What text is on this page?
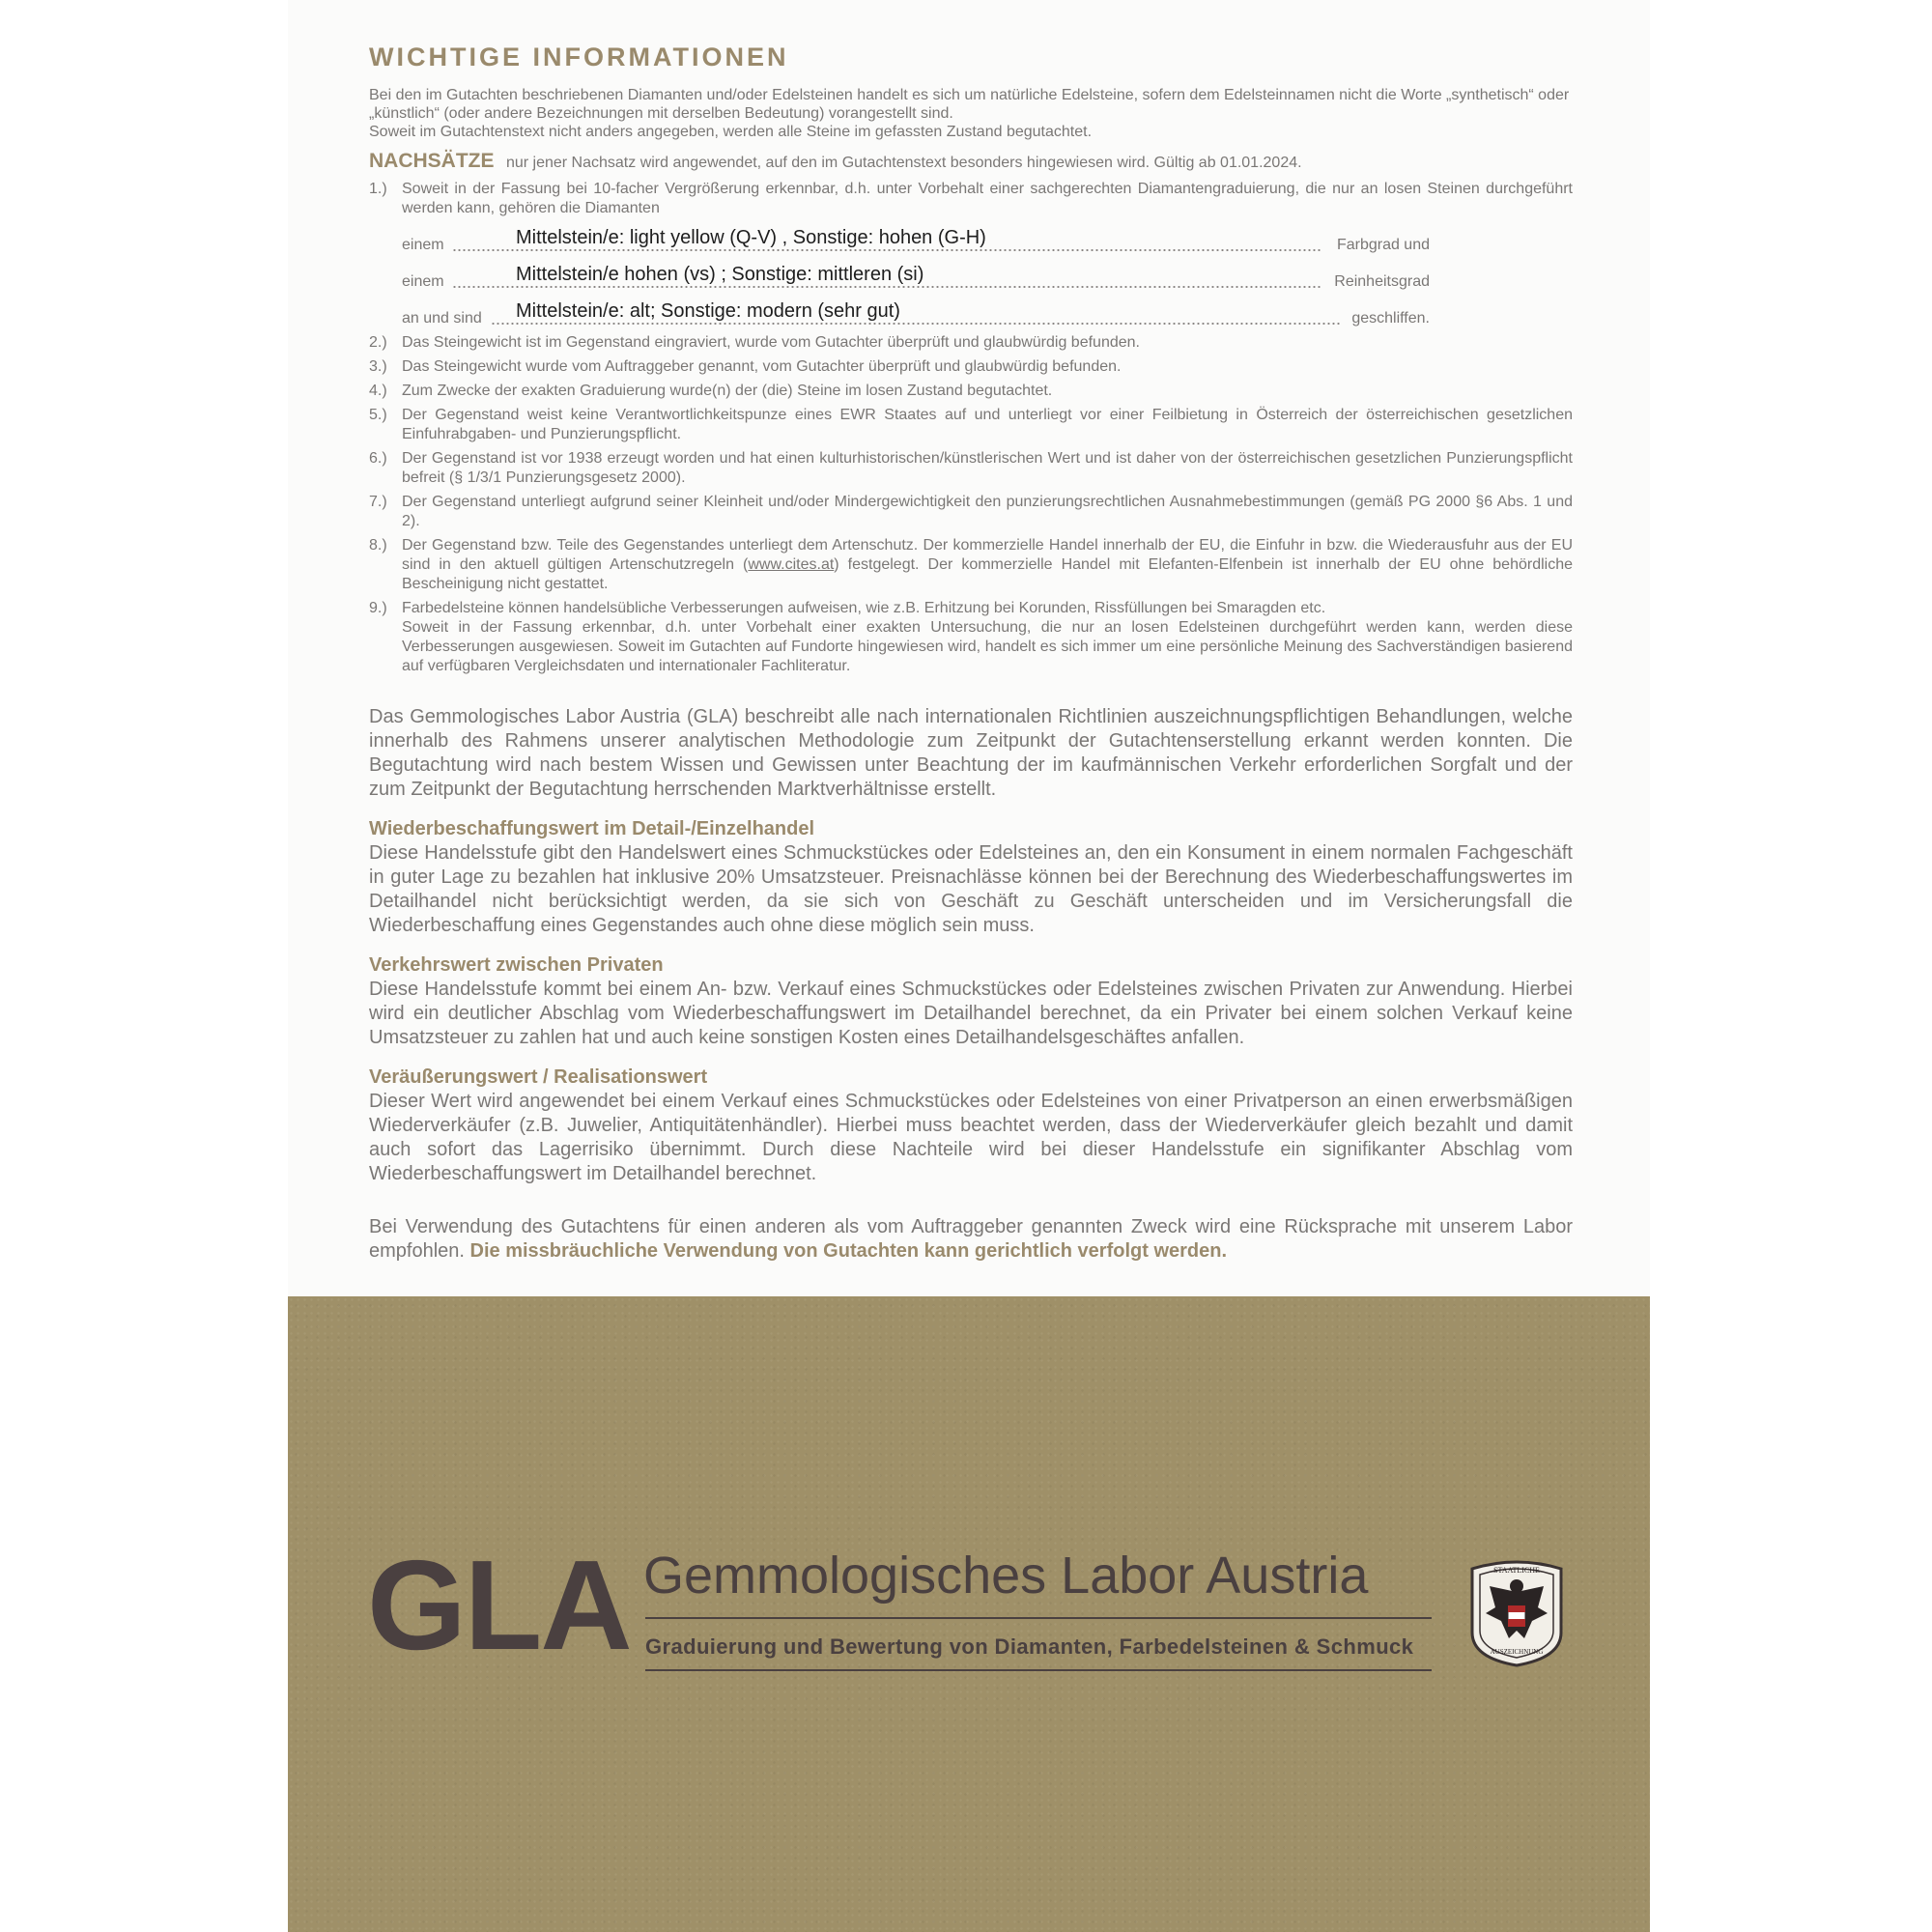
WICHTIGE INFORMATIONEN

Bei den im Gutachten beschriebenen Diamanten und/oder Edelsteinen handelt es sich um natürliche Edelsteine, sofern dem Edelsteinnamen nicht die Worte „synthetisch“ oder „künstlich“ (oder andere Bezeichnungen mit derselben Bedeutung) vorangestellt sind.

Soweit im Gutachtenstext nicht anders angegeben, werden alle Steine im gefassten Zustand begutachtet.

NACHSÄTZE nur jener Nachsatz wird angewendet, auf den im Gutachtenstext besonders hingewiesen wird. Gültig ab 01.01.2024.
1.) Soweit in der Fassung bei 10-facher Vergrößerung erkennbar, d.h. unter Vorbehalt einer sachgerechten Diamantengraduierung, die nur an losen Steinen durchgeführt werden kann, gehören die Diamanten

einem	Mittelstein/e: light yellow (Q-V) , Sonstige: hohen (G-H)	Farbgrad und
einem	Mittelstein/e hohen (vs) ; Sonstige: mittleren (si)	Reinheitsgrad
an und sind Mittelstein/e: alt; Sonstige: modern (sehr gut)	geschliffen.
2.) Das Steingewicht ist im Gegenstand eingraviert, wurde vom Gutachter überprüft und glaubwürdig befunden.
3.) Das Steingewicht wurde vom Auftraggeber genannt, vom Gutachter überprüft und glaubwürdig befunden.
4.) Zum Zwecke der exakten Graduierung wurde(n) der (die) Steine im losen Zustand begutachtet.
5.) Der Gegenstand weist keine Verantwortlichkeitspunze eines EWR Staates auf und unterliegt vor einer Feilbietung in Österreich der österreichischen gesetzlichen Einfuhrabgaben- und Punzierungspflicht.
6.) Der Gegenstand ist vor 1938 erzeugt worden und hat einen kulturhistorischen/künstlerischen Wert und ist daher von der österreichischen gesetzlichen Punzierungspflicht befreit (§ 1/3/1 Punzierungsgesetz 2000).
7.) Der Gegenstand unterliegt aufgrund seiner Kleinheit und/oder Mindergewichtigkeit den punzierungsrechtlichen Ausnahmebestimmungen (gemäß PG 2000 §6 Abs. 1 und 2).
8.) Der Gegenstand bzw. Teile des Gegenstandes unterliegt dem Artenschutz. Der kommerzielle Handel innerhalb der EU, die Einfuhr in bzw. die Wiederausfuhr aus der EU sind in den aktuell gültigen Artenschutzregeln (www.cites.at) festgelegt. Der kommerzielle Handel mit Elefanten-Elfenbein ist innerhalb der EU ohne behördliche Bescheinigung nicht gestattet.
9.) Farbedelsteine können handelsübliche Verbesserungen aufweisen, wie z.B. Erhitzung bei Korunden, Rissfüllungen bei Smaragden etc.

Soweit in der Fassung erkennbar, d.h. unter Vorbehalt einer exakten Untersuchung, die nur an losen Edelsteinen durchgeführt werden kann, werden diese Verbesserungen ausgewiesen. Soweit im Gutachten auf Fundorte hingewiesen wird, handelt es sich immer um eine persönliche Meinung des Sachverständigen basierend auf verfügbaren Vergleichsdaten und internationaler Fachliteratur.

Das Gemmologisches Labor Austria (GLA) beschreibt alle nach internationalen Richtlinien auszeichnungspflichtigen Behandlungen, welche innerhalb des Rahmens unserer analytischen Methodologie zum Zeitpunkt der Gutachtenserstellung erkannt werden konnten. Die Begutachtung wird nach bestem Wissen und Gewissen unter Beachtung der im kaufmännischen Verkehr erforderlichen Sorgfalt und der zum Zeitpunkt der Begutachtung herrschenden Marktverhältnisse erstellt.

Wiederbeschaffungswert im Detail-/Einzelhandel

Diese Handelsstufe gibt den Handelswert eines Schmuckstückes oder Edelsteines an, den ein Konsument in einem normalen Fachgeschäft in guter Lage zu bezahlen hat inklusive 20% Umsatzsteuer. Preisnachlässe können bei der Berechnung des Wiederbeschaffungswertes im Detailhandel nicht berücksichtigt werden, da sie sich von Geschäft zu Geschäft unterscheiden und im Versicherungsfall die Wiederbeschaffung eines Gegenstandes auch ohne diese möglich sein muss.

Verkehrswert zwischen Privaten

Diese Handelsstufe kommt bei einem An- bzw. Verkauf eines Schmuckstückes oder Edelsteines zwischen Privaten zur Anwendung. Hierbei wird ein deutlicher Abschlag vom Wiederbeschaffungswert im Detailhandel berechnet, da ein Privater bei einem solchen Verkauf keine Umsatzsteuer zu zahlen hat und auch keine sonstigen Kosten eines Detailhandelsgeschäftes anfallen.

Veräußerungswert / Realisationswert

Dieser Wert wird angewendet bei einem Verkauf eines Schmuckstückes oder Edelsteines von einer Privatperson an einen erwerbsmäßigen Wiederverkäufer (z.B. Juwelier, Antiquitätenhändler). Hierbei muss beachtet werden, dass der Wiederverkäufer gleich bezahlt und damit auch sofort das Lagerrisiko übernimmt. Durch diese Nachteile wird bei dieser Handelsstufe ein signifikanter Abschlag vom Wiederbeschaffungswert im Detailhandel berechnet.

Bei Verwendung des Gutachtens für einen anderen als vom Auftraggeber genannten Zweck wird eine Rücksprache mit unserem Labor empfohlen. Die missbräuchliche Verwendung von Gutachten kann gerichtlich verfolgt werden.

GLA Gemmologisches Labor Austria
Graduierung und Bewertung von Diamanten, Farbedelsteinen & Schmuck
STAATLICHE
AUSZEICHNUNG
